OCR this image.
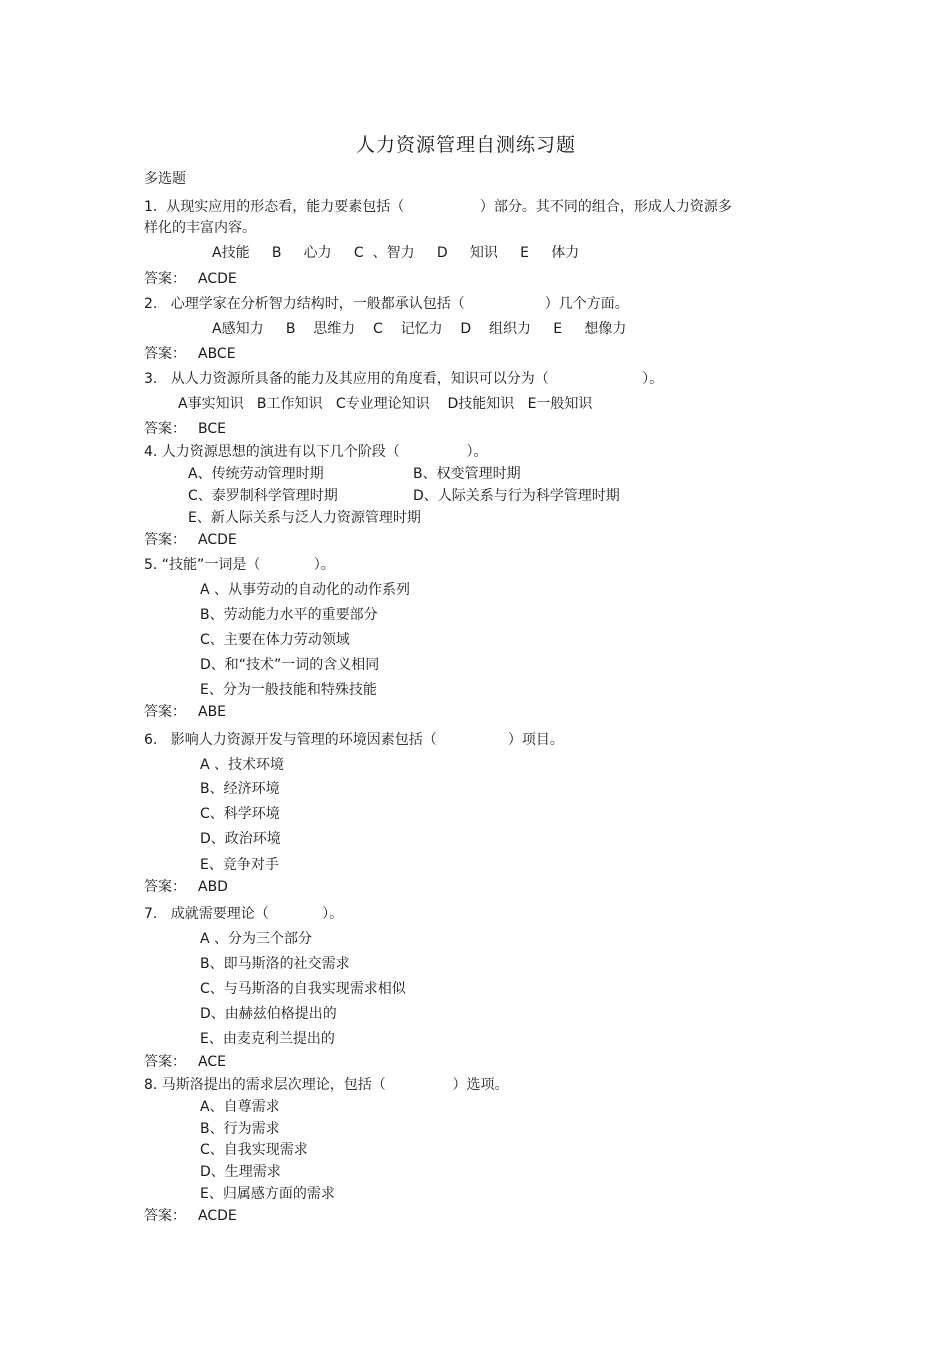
人力资源管理自测练习题
多选题
1.  从现实应用的形态看，能力要素包括（                 ）部分。其不同的组合，形成人力资源多
样化的丰富内容。
A技能     B     心力     C  、智力     D     知识     E     体力
答案： ACDE
2.   心理学家在分析智力结构时，一般都承认包括（                  ）几个方面。
A感知力     B    思维力    C    记忆力    D    组织力     E     想像力
答案： ABCE
3.   从人力资源所具备的能力及其应用的角度看，知识可以分为（                     ）。
A事实知识   B工作知识   C专业理论知识    D技能知识   E一般知识
答案： BCE
4. 人力资源思想的演进有以下几个阶段（               ）。
A、传统劳动管理时期	B、权变管理时期
C、泰罗制科学管理时期	D、人际关系与行为科学管理时期
E、新人际关系与泛人力资源管理时期
答案： ACDE
5. “技能”一词是（            ）。
A 、从事劳动的自动化的动作系列
B、劳动能力水平的重要部分
C、主要在体力劳动领域
D、和“技术”一词的含义相同
E、分为一般技能和特殊技能
答案： ABE
6.   影响人力资源开发与管理的环境因素包括（                ）项目。
A 、技术环境
B、经济环境
C、科学环境
D、政治环境
E、竞争对手
答案： ABD
7.   成就需要理论（            ）。
A 、分为三个部分
B、即马斯洛的社交需求
C、与马斯洛的自我实现需求相似
D、由赫兹伯格提出的
E、由麦克利兰提出的
答案： ACE
8. 马斯洛提出的需求层次理论，包括（               ）选项。
A、自尊需求
B、行为需求
C、自我实现需求
D、生理需求
E、归属感方面的需求
答案： ACDE
